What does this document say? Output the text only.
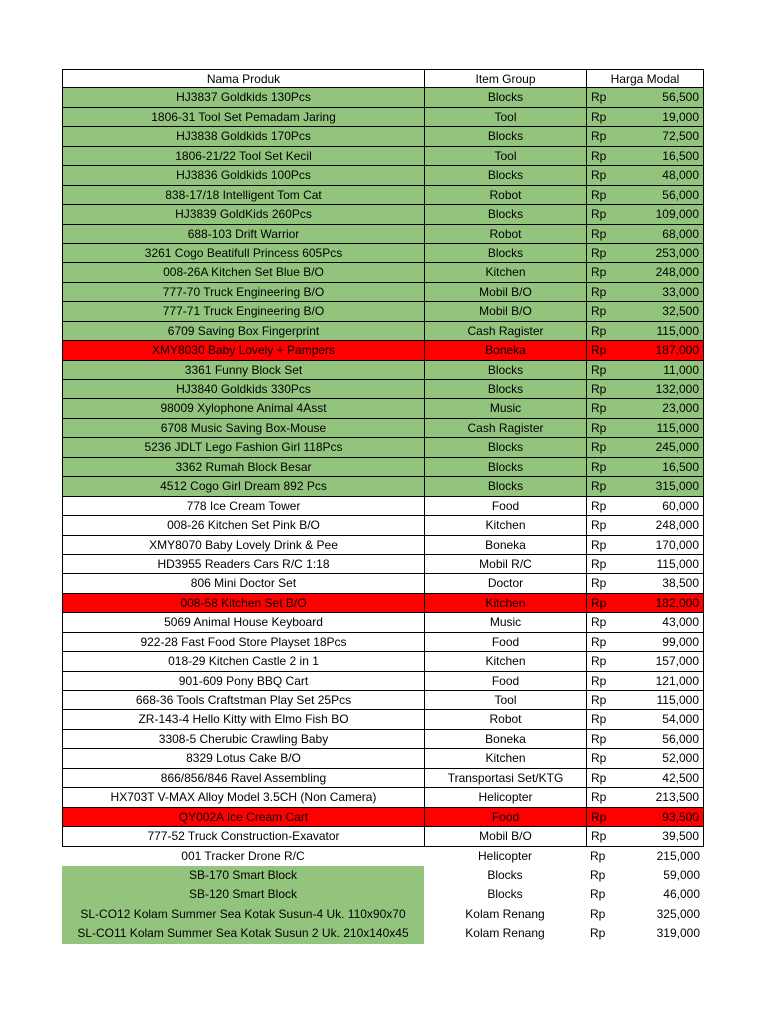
Nama Produk	Item Group	Harga Modal
HJ3837 Goldkids 130Pcs	Blocks	Rp	56,500
1806-31 Tool Set Pemadam Jaring	Tool	Rp	19,000
HJ3838 Goldkids 170Pcs	Blocks	Rp	72,500
1806-21/22 Tool Set Kecil	Tool	Rp	16,500
HJ3836 Goldkids 100Pcs	Blocks	Rp	48,000
838-17/18 Intelligent Tom Cat	Robot	Rp	56,000
HJ3839 GoldKids 260Pcs	Blocks	Rp	109,000
688-103 Drift Warrior	Robot	Rp	68,000
3261 Cogo Beatifull Princess 605Pcs	Blocks	Rp	253,000
008-26A Kitchen Set Blue B/O	Kitchen	Rp	248,000
777-70 Truck Engineering B/O	Mobil B/O	Rp	33,000
777-71 Truck Engineering B/O	Mobil B/O	Rp	32,500
6709 Saving Box Fingerprint	Cash Ragister	Rp	115,000
XMY8030 Baby Lovely + Pampers	Boneka	Rp	187,000
3361 Funny Block Set	Blocks	Rp	11,000
HJ3840 Goldkids 330Pcs	Blocks	Rp	132,000
98009 Xylophone Animal 4Asst	Music	Rp	23,000
6708 Music Saving Box-Mouse	Cash Ragister	Rp	115,000
5236 JDLT Lego Fashion Girl 118Pcs	Blocks	Rp	245,000
3362 Rumah Block Besar	Blocks	Rp	16,500
4512 Cogo Girl Dream 892 Pcs	Blocks	Rp	315,000
778 Ice Cream Tower	Food	Rp	60,000
008-26 Kitchen Set Pink B/O	Kitchen	Rp	248,000
XMY8070 Baby Lovely Drink & Pee	Boneka	Rp	170,000
HD3955 Readers Cars R/C 1:18	Mobil R/C	Rp	115,000
806 Mini Doctor Set	Doctor	Rp	38,500
008-58 Kitchen Set B/O	Kitchen	Rp	182,000
5069 Animal House Keyboard	Music	Rp	43,000
922-28 Fast Food Store Playset 18Pcs	Food	Rp	99,000
018-29 Kitchen Castle 2 in 1	Kitchen	Rp	157,000
901-609 Pony BBQ Cart	Food	Rp	121,000
668-36 Tools Craftstman Play Set 25Pcs	Tool	Rp	115,000
ZR-143-4 Hello Kitty with Elmo Fish BO	Robot	Rp	54,000
3308-5 Cherubic Crawling Baby	Boneka	Rp	56,000
8329 Lotus Cake B/O	Kitchen	Rp	52,000
866/856/846 Ravel Assembling	Transportasi Set/KTG	Rp	42,500
HX703T V-MAX Alloy Model 3.5CH (Non Camera)	Helicopter	Rp	213,500
QY002A Ice Cream Cart	Food	Rp	93,500
777-52 Truck Construction-Exavator	Mobil B/O	Rp	39,500
001 Tracker Drone R/C	Helicopter	Rp	215,000
SB-170 Smart Block	Blocks	Rp	59,000
SB-120 Smart Block	Blocks	Rp	46,000
SL-CO12 Kolam Summer Sea Kotak Susun-4 Uk. 110x90x70	Kolam Renang	Rp	325,000
SL-CO11 Kolam Summer Sea Kotak Susun 2 Uk. 210x140x45	Kolam Renang	Rp	319,000
